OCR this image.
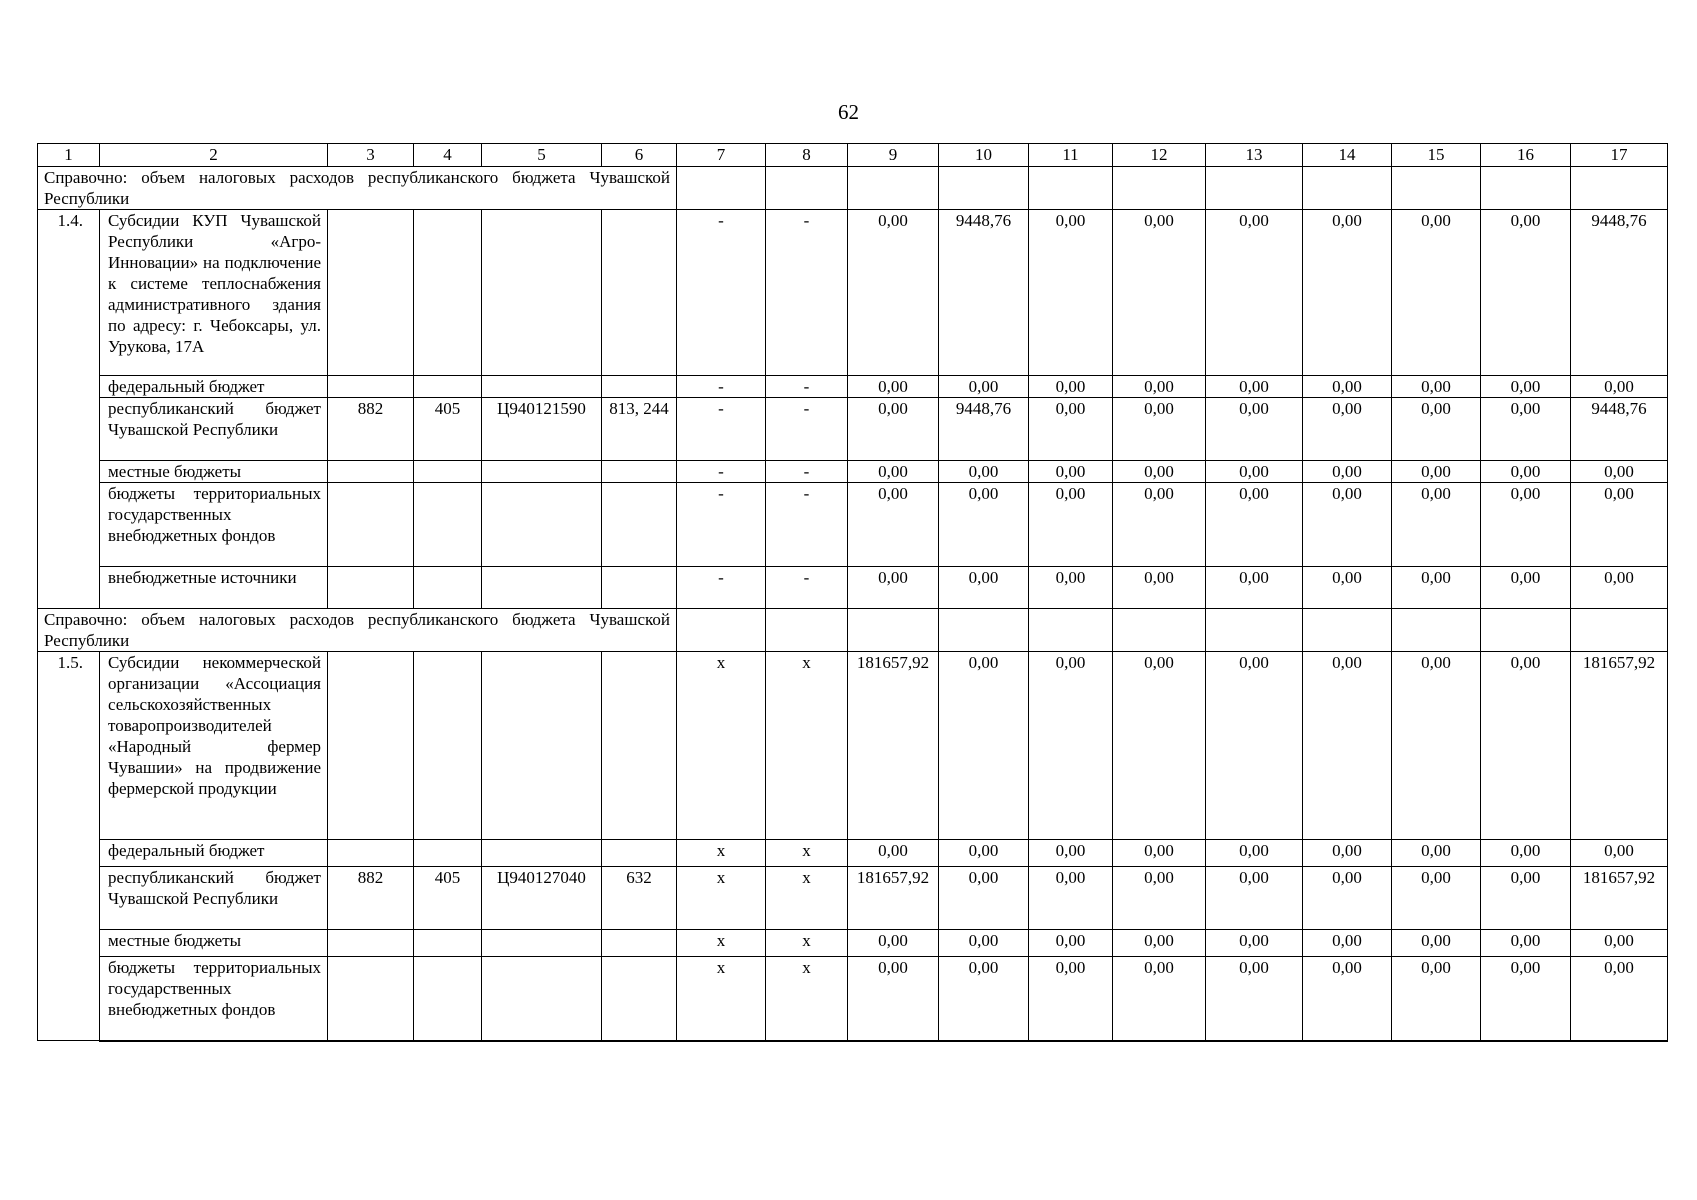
62
1	2	3	4	5	6	7	8	9	10	11	12	13	14	15	16	17
Справочно: объем налоговых расходов республиканского бюджета Чувашской Республики																
1.4.	Субсидии КУП Чувашской Республики «Агро-Инновации» на подключение к системе теплоснабжения административного здания по адресу: г. Чебоксары, ул. Урукова, 17А					-	-	0,00	9448,76	0,00	0,00	0,00	0,00	0,00	0,00	9448,76
	федеральный бюджет					-	-	0,00	0,00	0,00	0,00	0,00	0,00	0,00	0,00	0,00
	республиканский бюджет Чувашской Республики	882	405	Ц940121590	813, 244	-	-	0,00	9448,76	0,00	0,00	0,00	0,00	0,00	0,00	9448,76
	местные бюджеты					-	-	0,00	0,00	0,00	0,00	0,00	0,00	0,00	0,00	0,00
	бюджеты территориальных государственных внебюджетных фондов					-	-	0,00	0,00	0,00	0,00	0,00	0,00	0,00	0,00	0,00
	внебюджетные источники					-	-	0,00	0,00	0,00	0,00	0,00	0,00	0,00	0,00	0,00
Справочно: объем налоговых расходов республиканского бюджета Чувашской Республики																
1.5.	Субсидии некоммерческой организации «Ассоциация сельскохозяйственных товаропроизводителей «Народный фермер Чувашии» на продвижение фермерской продукции					х	х	181657,92	0,00	0,00	0,00	0,00	0,00	0,00	0,00	181657,92
	федеральный бюджет					х	х	0,00	0,00	0,00	0,00	0,00	0,00	0,00	0,00	0,00
	республиканский бюджет Чувашской Республики	882	405	Ц940127040	632	х	х	181657,92	0,00	0,00	0,00	0,00	0,00	0,00	0,00	181657,92
	местные бюджеты					х	х	0,00	0,00	0,00	0,00	0,00	0,00	0,00	0,00	0,00
	бюджеты территориальных государственных внебюджетных фондов					х	х	0,00	0,00	0,00	0,00	0,00	0,00	0,00	0,00	0,00
